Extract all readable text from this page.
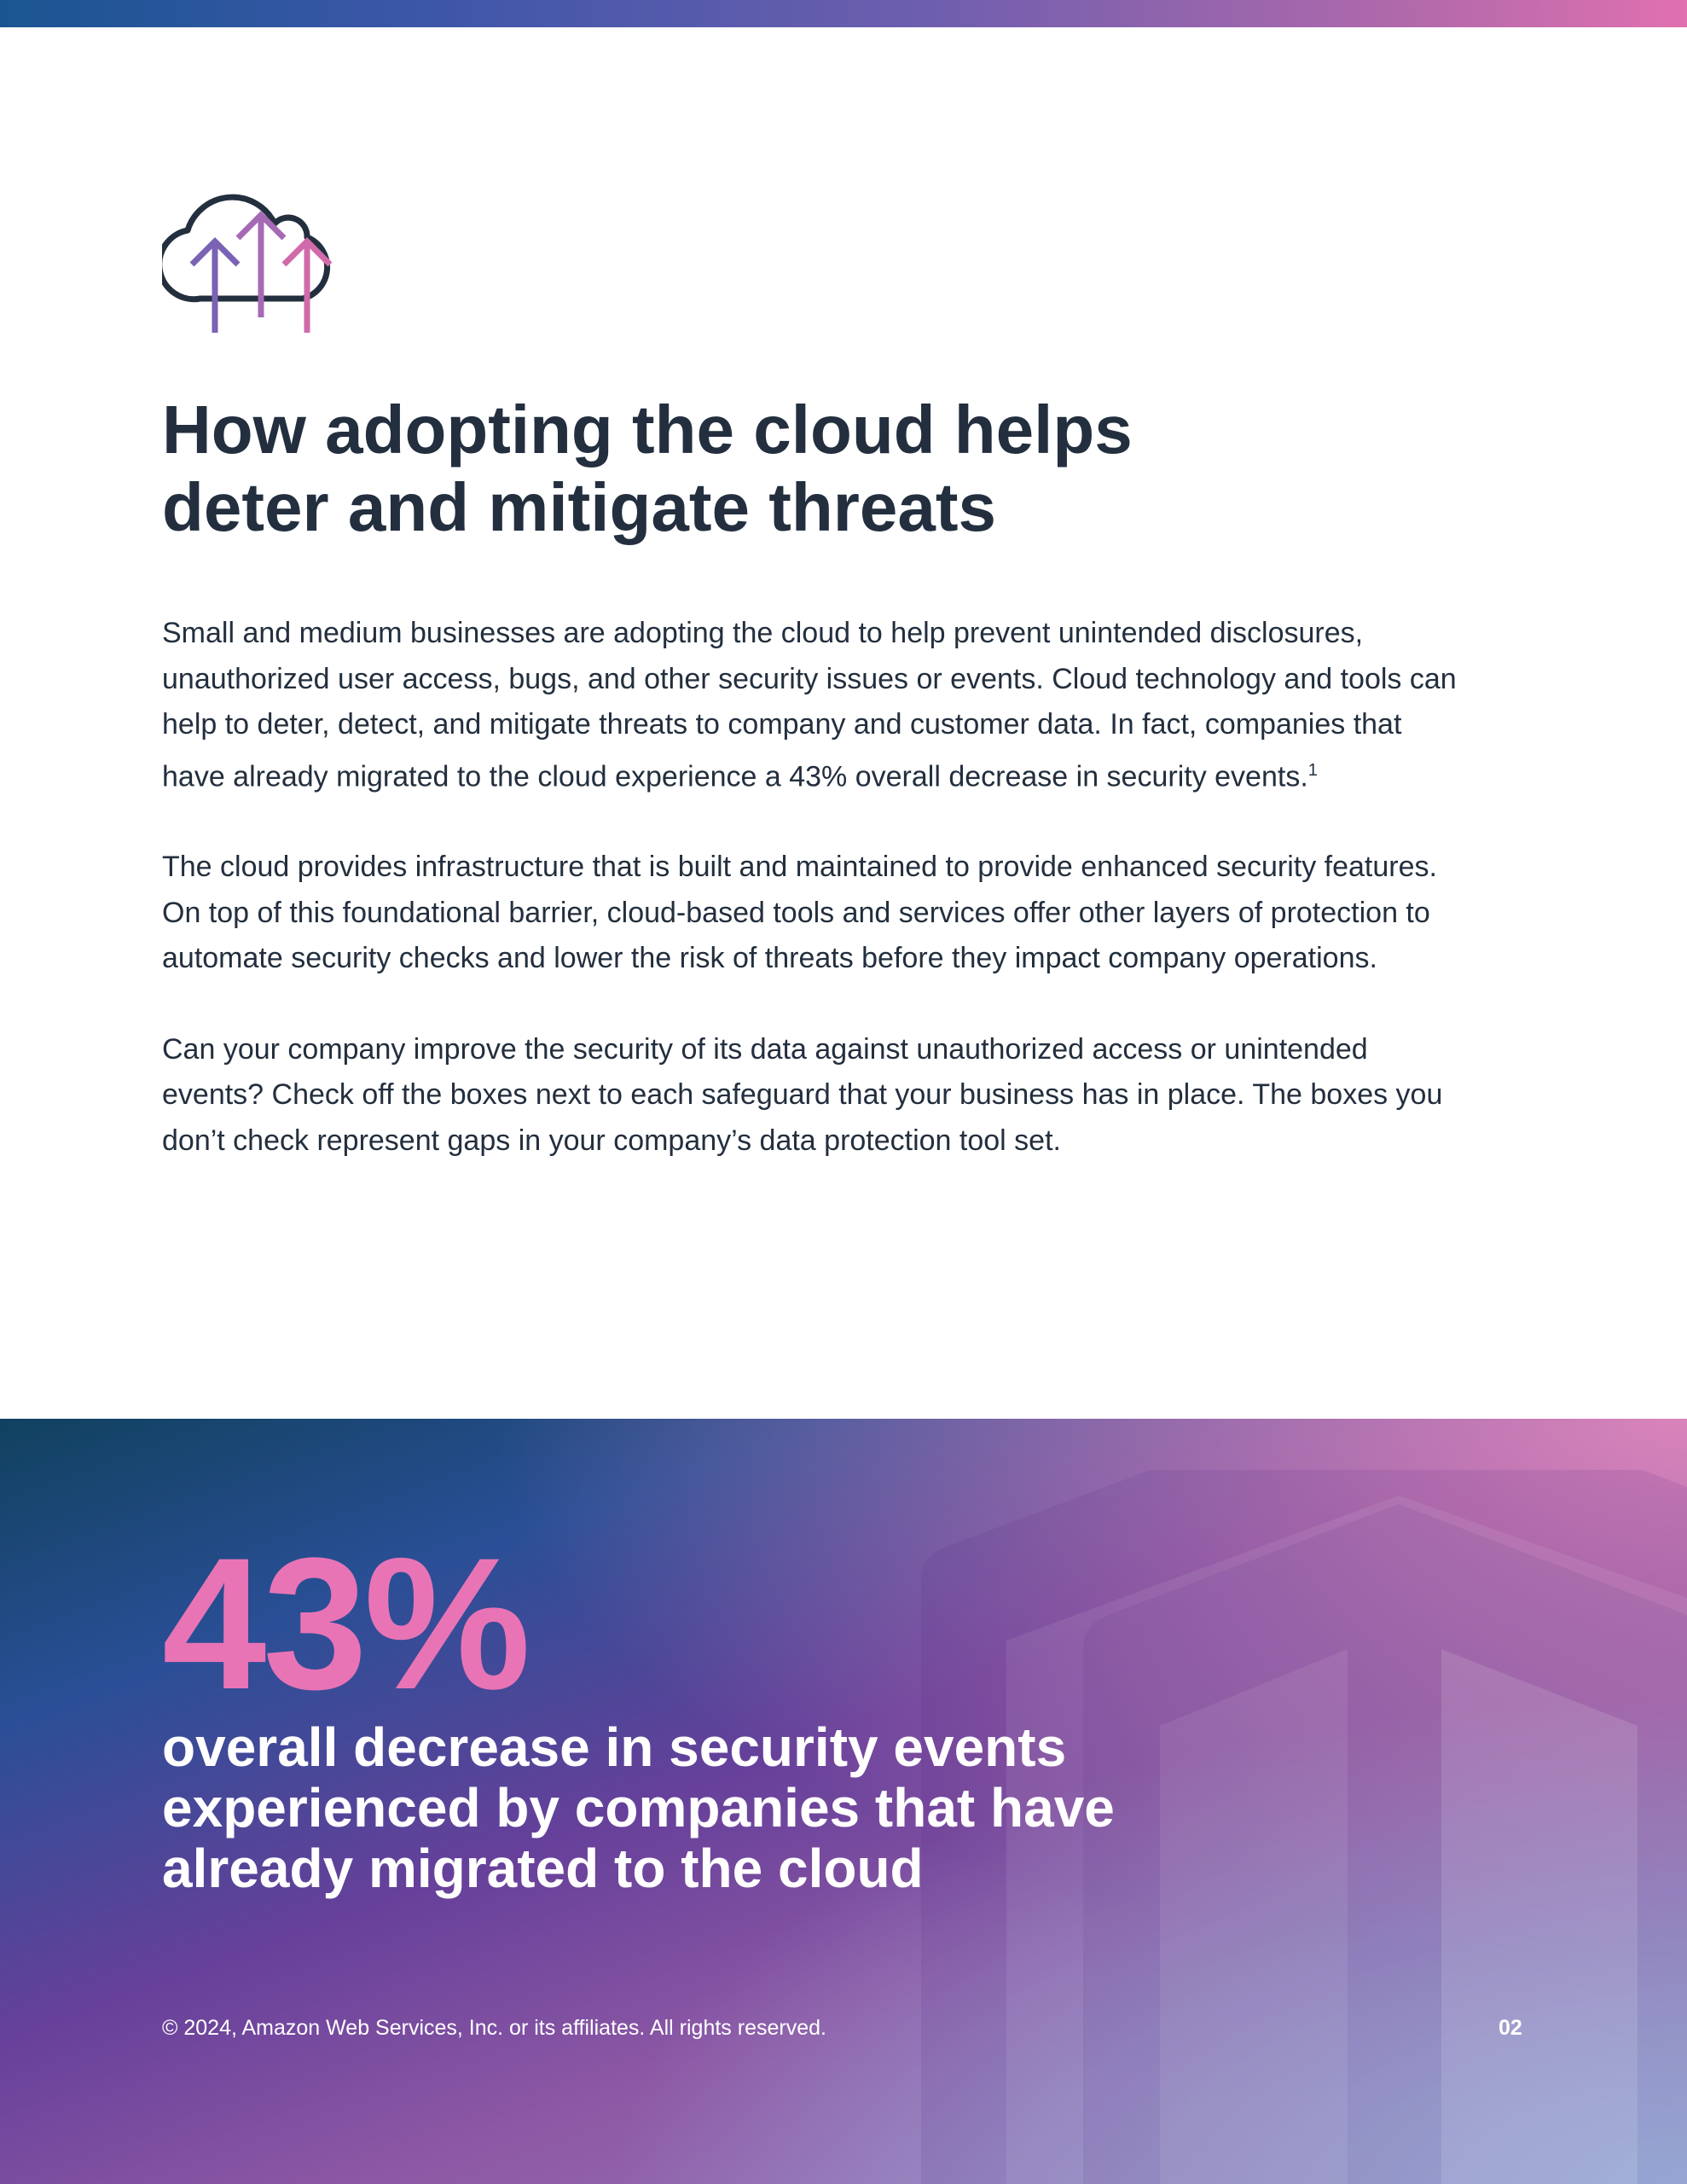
How adopting the cloud helps
deter and mitigate threats

Small and medium businesses are adopting the cloud to help prevent unintended disclosures, unauthorized user access, bugs, and other security issues or events. Cloud technology and tools can help to deter, detect, and mitigate threats to company and customer data. In fact, companies that have already migrated to the cloud experience a 43% overall decrease in security events.$^1$

The cloud provides infrastructure that is built and maintained to provide enhanced security features. On top of this foundational barrier, cloud-based tools and services offer other layers of protection to automate security checks and lower the risk of threats before they impact company operations.

Can your company improve the security of its data against unauthorized access or unintended events? Check off the boxes next to each safeguard that your business has in place. The boxes you don’t check represent gaps in your company’s data protection tool set.

43%
overall decrease in security events experienced by companies that have already migrated to the cloud
© 2024, Amazon Web Services, Inc. or its affiliates. All rights reserved.	02
